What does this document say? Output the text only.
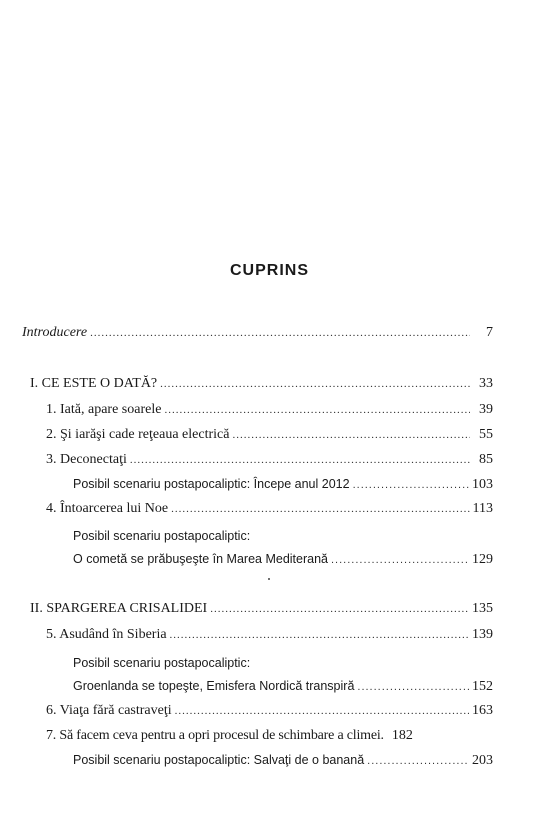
CUPRINS
Introducere .....	7
I. CE ESTE O DATĂ? .....	33
1. Iată, apare soarele .....	39
2. Şi iarăşi cade reţeaua electrică .....	55
3. Deconectaţi .....	85
Posibil scenariu postapocaliptic: Începe anul 2012 .....	103
4. Întoarcerea lui Noe .....	113
Posibil scenariu postapocaliptic:
O cometă se prăbuşeşte în Marea Mediterană .....	129
II. SPARGEREA CRISALIDEI .....	135
5. Asudând în Siberia .....	139
Posibil scenariu postapocaliptic:
Groenlanda se topeşte, Emisfera Nordică transpiră .....	152
6. Viaţa fără castraveţi .....	163
7. Să facem ceva pentru a opri procesul de schimbare a climei. 182
Posibil scenariu postapocaliptic: Salvaţi de o banană .....	203
